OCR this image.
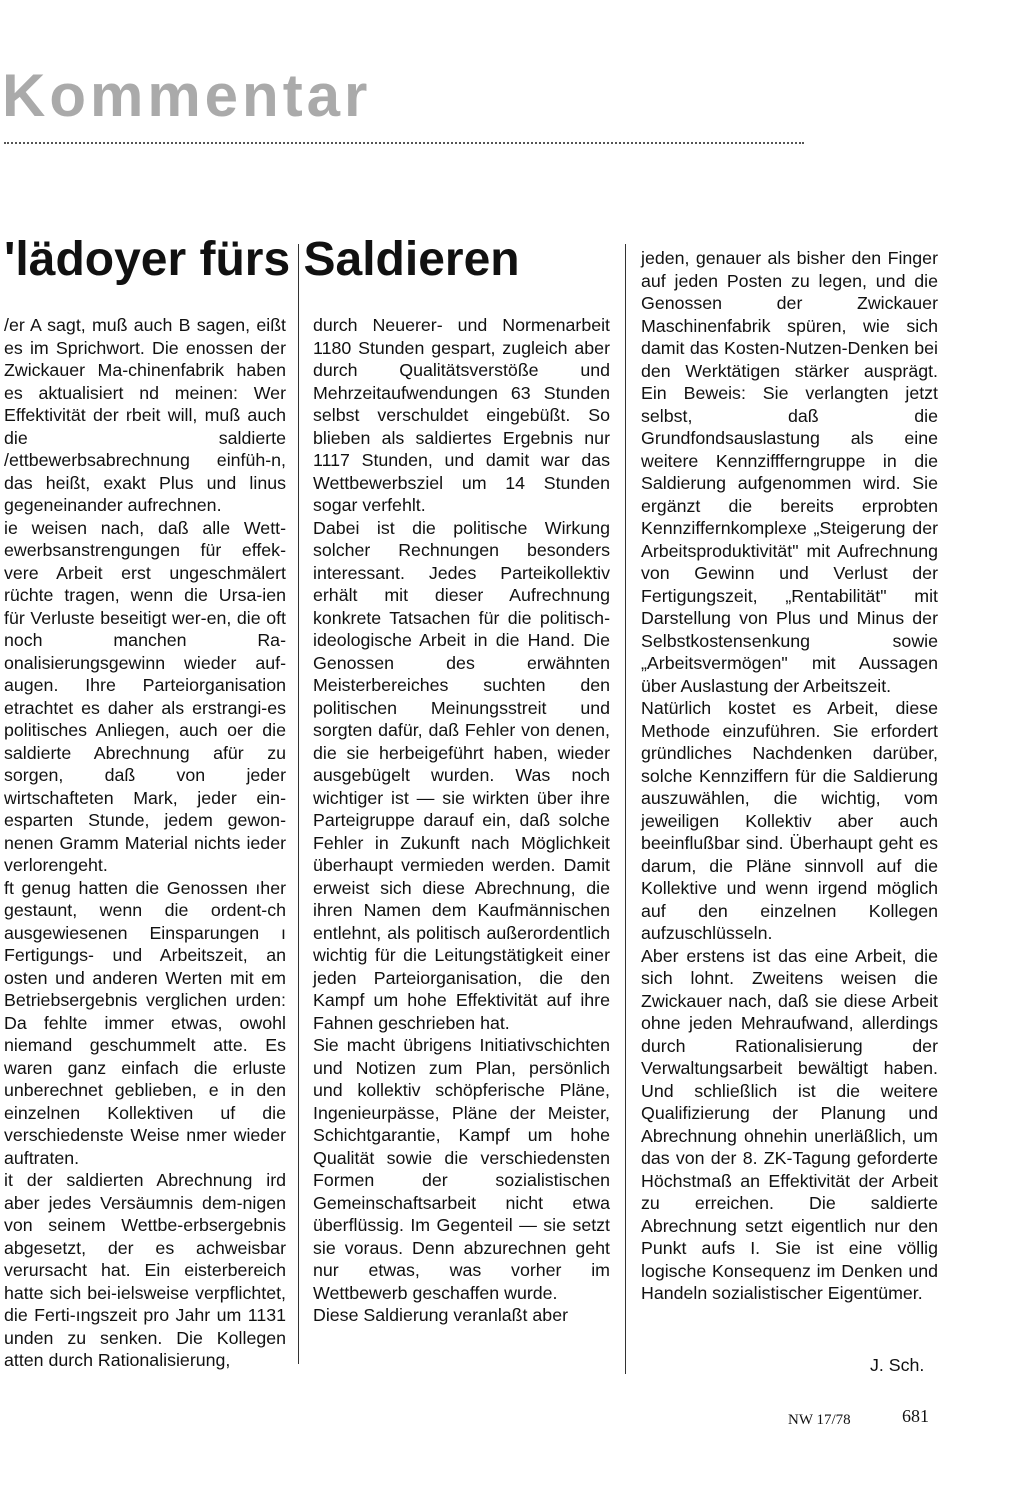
Kommentar
'lädoyer fürs Saldieren

/er A sagt, muß auch B sagen, eißt es im Sprichwort. Die enossen der Zwickauer Ma-chinenfabrik haben es aktualisiert nd meinen: Wer Effektivität der rbeit will, muß auch die saldierte /ettbewerbsabrechnung einfüh-n, das heißt, exakt Plus und linus gegeneinander aufrechnen.

ie weisen nach, daß alle Wett-ewerbsanstrengungen für effek-vere Arbeit erst ungeschmälert rüchte tragen, wenn die Ursa-ien für Verluste beseitigt wer-en, die oft noch manchen Ra-onalisierungsgewinn wieder auf-augen. Ihre Parteiorganisation etrachtet es daher als erstrangi-es politisches Anliegen, auch oer die saldierte Abrechnung afür zu sorgen, daß von jeder wirtschafteten Mark, jeder ein-esparten Stunde, jedem gewon-nenen Gramm Material nichts ieder verlorengeht.

ft genug hatten die Genossen ıher gestaunt, wenn die ordent-ch ausgewiesenen Einsparungen ı Fertigungs- und Arbeitszeit, an osten und anderen Werten mit em Betriebsergebnis verglichen urden: Da fehlte immer etwas, owohl niemand geschummelt atte. Es waren ganz einfach die erluste unberechnet geblieben, e in den einzelnen Kollektiven uf die verschiedenste Weise nmer wieder auftraten.

it der saldierten Abrechnung ird aber jedes Versäumnis dem-nigen von seinem Wettbe-erbsergebnis abgesetzt, der es achweisbar verursacht hat. Ein eisterbereich hatte sich bei-ielsweise verpflichtet, die Ferti-ıngszeit pro Jahr um 1131 unden zu senken. Die Kollegen atten durch Rationalisierung,

durch Neuerer- und Normenarbeit 1180 Stunden gespart, zugleich aber durch Qualitätsverstöße und Mehrzeitaufwendungen 63 Stunden selbst verschuldet eingebüßt. So blieben als saldiertes Ergebnis nur 1117 Stunden, und damit war das Wettbewerbsziel um 14 Stunden sogar verfehlt.

Dabei ist die politische Wirkung solcher Rechnungen besonders interessant. Jedes Parteikollektiv erhält mit dieser Aufrechnung konkrete Tatsachen für die politisch-ideologische Arbeit in die Hand. Die Genossen des erwähnten Meisterbereiches suchten den politischen Meinungsstreit und sorgten dafür, daß Fehler von denen, die sie herbeigeführt haben, wieder ausgebügelt wurden. Was noch wichtiger ist — sie wirkten über ihre Parteigruppe darauf ein, daß solche Fehler in Zukunft nach Möglichkeit überhaupt vermieden werden. Damit erweist sich diese Abrechnung, die ihren Namen dem Kaufmännischen entlehnt, als politisch außerordentlich wichtig für die Leitungstätigkeit einer jeden Parteiorganisation, die den Kampf um hohe Effektivität auf ihre Fahnen geschrieben hat.

Sie macht übrigens Initiativschichten und Notizen zum Plan, persönlich und kollektiv schöpferische Pläne, Ingenieurpässe, Pläne der Meister, Schichtgarantie, Kampf um hohe Qualität sowie die verschiedensten Formen der sozialistischen Gemeinschaftsarbeit nicht etwa überflüssig. Im Gegenteil — sie setzt sie voraus. Denn abzurechnen geht nur etwas, was vorher im Wettbewerb geschaffen wurde.

Diese Saldierung veranlaßt aber

jeden, genauer als bisher den Finger auf jeden Posten zu legen, und die Genossen der Zwickauer Maschinenfabrik spüren, wie sich damit das Kosten-Nutzen-Denken bei den Werktätigen stärker ausprägt. Ein Beweis: Sie verlangten jetzt selbst, daß die Grundfondsauslastung als eine weitere Kennziffferngruppe in die Saldierung aufgenommen wird. Sie ergänzt die bereits erprobten Kennziffernkomplexe „Steigerung der Arbeitsproduktivität" mit Aufrechnung von Gewinn und Verlust der Fertigungszeit, „Rentabilität" mit Darstellung von Plus und Minus der Selbstkostensenkung sowie „Arbeitsvermögen" mit Aussagen über Auslastung der Arbeitszeit.

Natürlich kostet es Arbeit, diese Methode einzuführen. Sie erfordert gründliches Nachdenken darüber, solche Kennziffern für die Saldierung auszuwählen, die wichtig, vom jeweiligen Kollektiv aber auch beeinflußbar sind. Überhaupt geht es darum, die Pläne sinnvoll auf die Kollektive und wenn irgend möglich auf den einzelnen Kollegen aufzuschlüsseln.

Aber erstens ist das eine Arbeit, die sich lohnt. Zweitens weisen die Zwickauer nach, daß sie diese Arbeit ohne jeden Mehraufwand, allerdings durch Rationalisierung der Verwaltungsarbeit bewältigt haben. Und schließlich ist die weitere Qualifizierung der Planung und Abrechnung ohnehin unerläßlich, um das von der 8. ZK-Tagung geforderte Höchstmaß an Effektivität der Arbeit zu erreichen. Die saldierte Abrechnung setzt eigentlich nur den Punkt aufs I. Sie ist eine völlig logische Konsequenz im Denken und Handeln sozialistischer Eigentümer.

J. Sch.
NW 17/78	681
